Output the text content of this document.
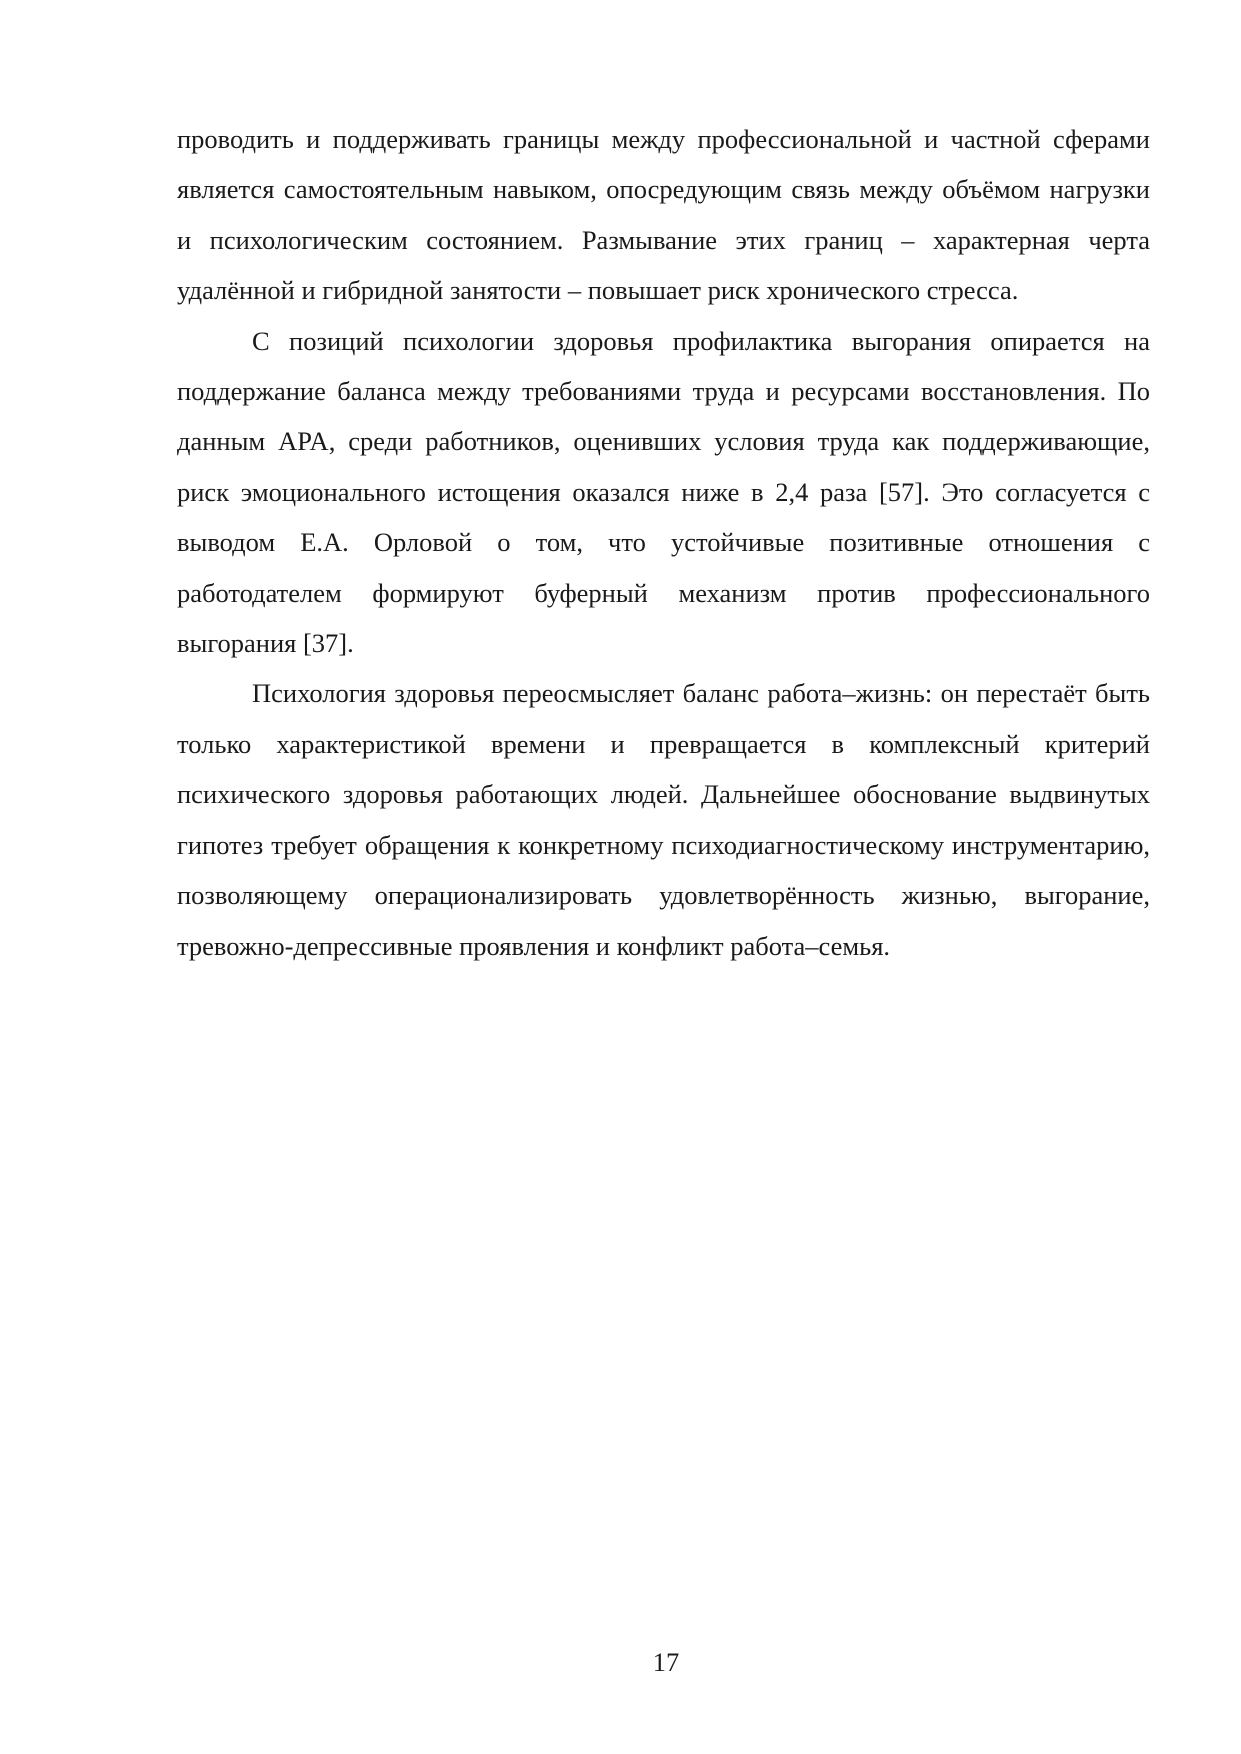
проводить и поддерживать границы между профессиональной и частной сферами является самостоятельным навыком, опосредующим связь между объёмом нагрузки и психологическим состоянием. Размывание этих границ – характерная черта удалённой и гибридной занятости – повышает риск хронического стресса.

С позиций психологии здоровья профилактика выгорания опирается на поддержание баланса между требованиями труда и ресурсами восстановления. По данным APA, среди работников, оценивших условия труда как поддерживающие, риск эмоционального истощения оказался ниже в 2,4 раза [57]. Это согласуется с выводом Е.А. Орловой о том, что устойчивые позитивные отношения с работодателем формируют буферный механизм против профессионального выгорания [37].

Психология здоровья переосмысляет баланс работа–жизнь: он перестаёт быть только характеристикой времени и превращается в комплексный критерий психического здоровья работающих людей. Дальнейшее обоснование выдвинутых гипотез требует обращения к конкретному психодиагностическому инструментарию, позволяющему операционализировать удовлетворённость жизнью, выгорание, тревожно-депрессивные проявления и конфликт работа–семья.

17
